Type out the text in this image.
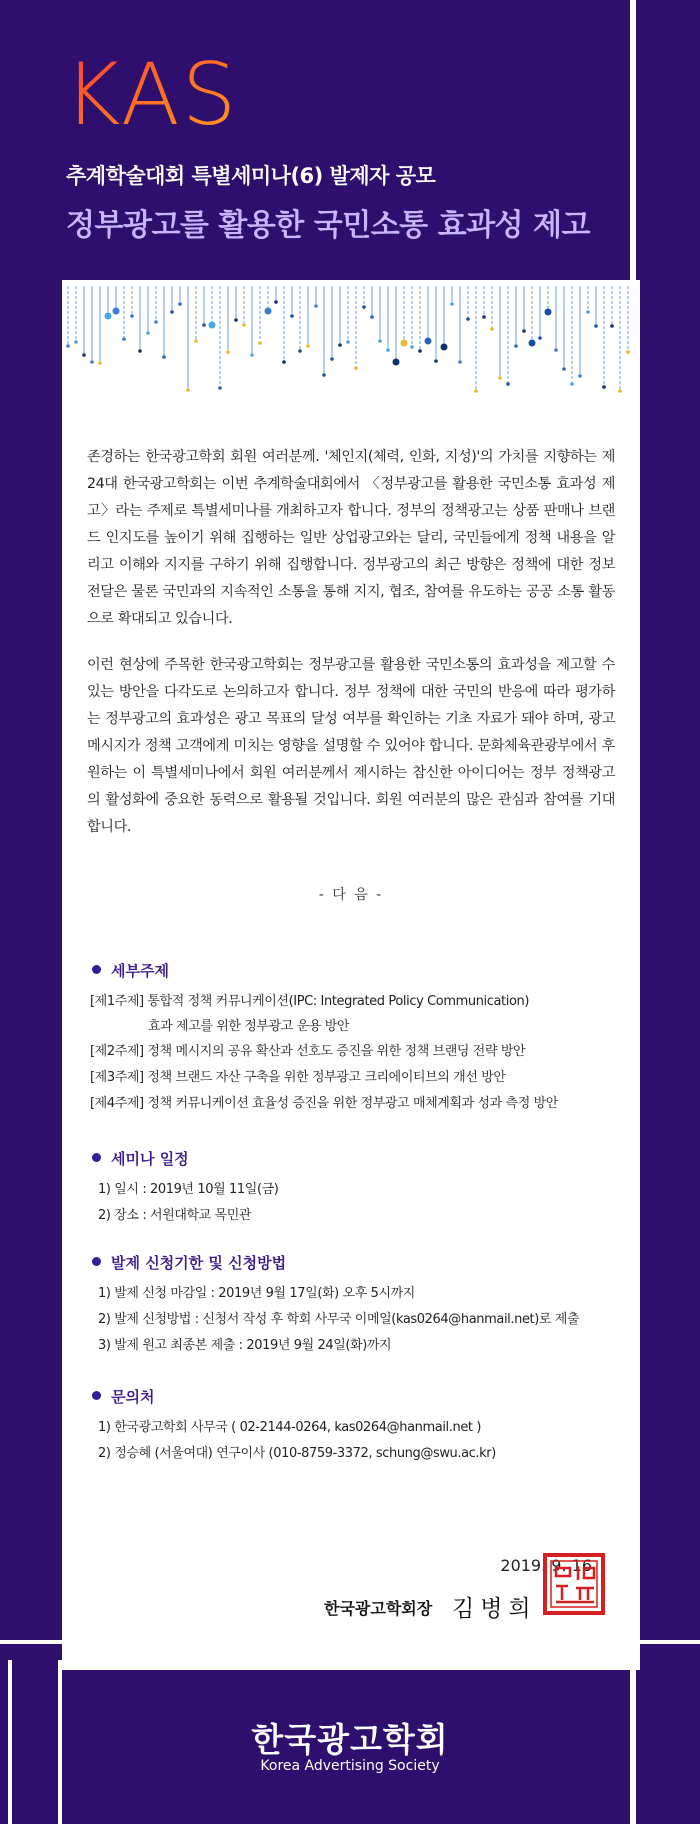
KAS
추계학술대회 특별세미나(6) 발제자 공모
정부광고를 활용한 국민소통 효과성 제고

존경하는 한국광고학회 회원 여러분께. '체인지(체력, 인화, 지성)'의 가치를 지향하는 제24대 한국광고학회는 이번 추계학술대회에서 〈정부광고를 활용한 국민소통 효과성 제고〉라는 주제로 특별세미나를 개최하고자 합니다. 정부의 정책광고는 상품 판매나 브랜드 인지도를 높이기 위해 집행하는 일반 상업광고와는 달리, 국민들에게 정책 내용을 알리고 이해와 지지를 구하기 위해 집행합니다. 정부광고의 최근 방향은 정책에 대한 정보 전달은 물론 국민과의 지속적인 소통을 통해 지지, 협조, 참여를 유도하는 공공 소통 활동으로 확대되고 있습니다.

이런 현상에 주목한 한국광고학회는 정부광고를 활용한 국민소통의 효과성을 제고할 수 있는 방안을 다각도로 논의하고자 합니다. 정부 정책에 대한 국민의 반응에 따라 평가하는 정부광고의 효과성은 광고 목표의 달성 여부를 확인하는 기초 자료가 돼야 하며, 광고 메시지가 정책 고객에게 미치는 영향을 설명할 수 있어야 합니다. 문화체육관광부에서 후원하는 이 특별세미나에서 회원 여러분께서 제시하는 참신한 아이디어는 정부 정책광고의 활성화에 중요한 동력으로 활용될 것입니다. 회원 여러분의 많은 관심과 참여를 기대합니다.

- 다 음 -
세부주제
[제1주제] 통합적 정책 커뮤니케이션(IPC: Integrated Policy Communication)
효과 제고를 위한 정부광고 운용 방안
[제2주제] 정책 메시지의 공유 확산과 선호도 증진을 위한 정책 브랜딩 전략 방안
[제3주제] 정책 브랜드 자산 구축을 위한 정부광고 크리에이티브의 개선 방안
[제4주제] 정책 커뮤니케이션 효율성 증진을 위한 정부광고 매체계획과 성과 측정 방안
세미나 일정
1) 일시 : 2019년 10월 11일(금)
2) 장소 : 서원대학교 목민관
발제 신청기한 및 신청방법
1) 발제 신청 마감일 : 2019년 9월 17일(화) 오후 5시까지
2) 발제 신청방법 : 신청서 작성 후 학회 사무국 이메일(kas0264@hanmail.net)로 제출
3) 발제 원고 최종본 제출 : 2019년 9월 24일(화)까지
문의처
1) 한국광고학회 사무국 ( 02-2144-0264, kas0264@hanmail.net )
2) 정승혜 (서울여대) 연구이사 (010-8759-3372, schung@swu.ac.kr)
2019. 9. 16
한국광고학회장 김병희
한국광고학회
Korea Advertising Society
